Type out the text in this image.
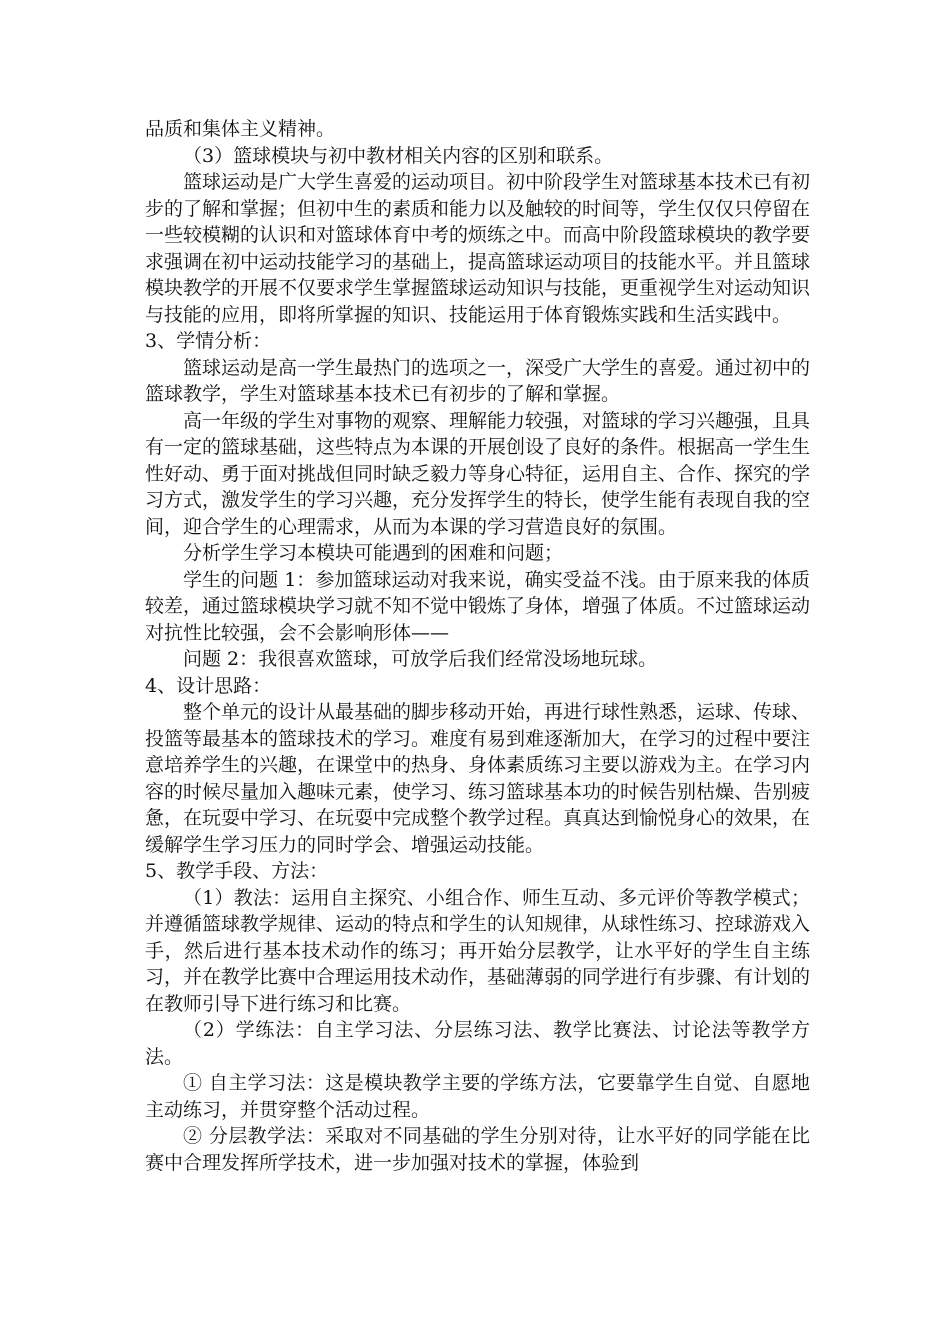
品质和集体主义精神。

（3）篮球模块与初中教材相关内容的区别和联系。

篮球运动是广大学生喜爱的运动项目。初中阶段学生对篮球基本技术已有初步的了解和掌握；但初中生的素质和能力以及触较的时间等，学生仅仅只停留在一些较模糊的认识和对篮球体育中考的烦练之中。而高中阶段篮球模块的教学要求强调在初中运动技能学习的基础上，提高篮球运动项目的技能水平。并且篮球模块教学的开展不仅要求学生掌握篮球运动知识与技能，更重视学生对运动知识与技能的应用，即将所掌握的知识、技能运用于体育锻炼实践和生活实践中。

3、学情分析：

篮球运动是高一学生最热门的选项之一，深受广大学生的喜爱。通过初中的篮球教学，学生对篮球基本技术已有初步的了解和掌握。

高一年级的学生对事物的观察、理解能力较强，对篮球的学习兴趣强，且具有一定的篮球基础，这些特点为本课的开展创设了良好的条件。根据高一学生生性好动、勇于面对挑战但同时缺乏毅力等身心特征，运用自主、合作、探究的学习方式，激发学生的学习兴趣，充分发挥学生的特长，使学生能有表现自我的空间，迎合学生的心理需求，从而为本课的学习营造良好的氛围。

分析学生学习本模块可能遇到的困难和问题；

学生的问题 1：参加篮球运动对我来说，确实受益不浅。由于原来我的体质较差，通过篮球模块学习就不知不觉中锻炼了身体，增强了体质。不过篮球运动对抗性比较强，会不会影响形体——

问题 2：我很喜欢篮球，可放学后我们经常没场地玩球。

4、设计思路：

整个单元的设计从最基础的脚步移动开始，再进行球性熟悉，运球、传球、投篮等最基本的篮球技术的学习。难度有易到难逐渐加大，在学习的过程中要注意培养学生的兴趣，在课堂中的热身、身体素质练习主要以游戏为主。在学习内容的时候尽量加入趣味元素，使学习、练习篮球基本功的时候告别枯燥、告别疲惫，在玩耍中学习、在玩耍中完成整个教学过程。真真达到愉悦身心的效果，在缓解学生学习压力的同时学会、增强运动技能。

5、教学手段、方法：

（1）教法：运用自主探究、小组合作、师生互动、多元评价等教学模式；并遵循篮球教学规律、运动的特点和学生的认知规律，从球性练习、控球游戏入手，然后进行基本技术动作的练习；再开始分层教学，让水平好的学生自主练习，并在教学比赛中合理运用技术动作，基础薄弱的同学进行有步骤、有计划的在教师引导下进行练习和比赛。

（2）学练法：自主学习法、分层练习法、教学比赛法、讨论法等教学方法。

① 自主学习法：这是模块教学主要的学练方法，它要靠学生自觉、自愿地主动练习，并贯穿整个活动过程。

② 分层教学法：采取对不同基础的学生分别对待，让水平好的同学能在比赛中合理发挥所学技术，进一步加强对技术的掌握，体验到
